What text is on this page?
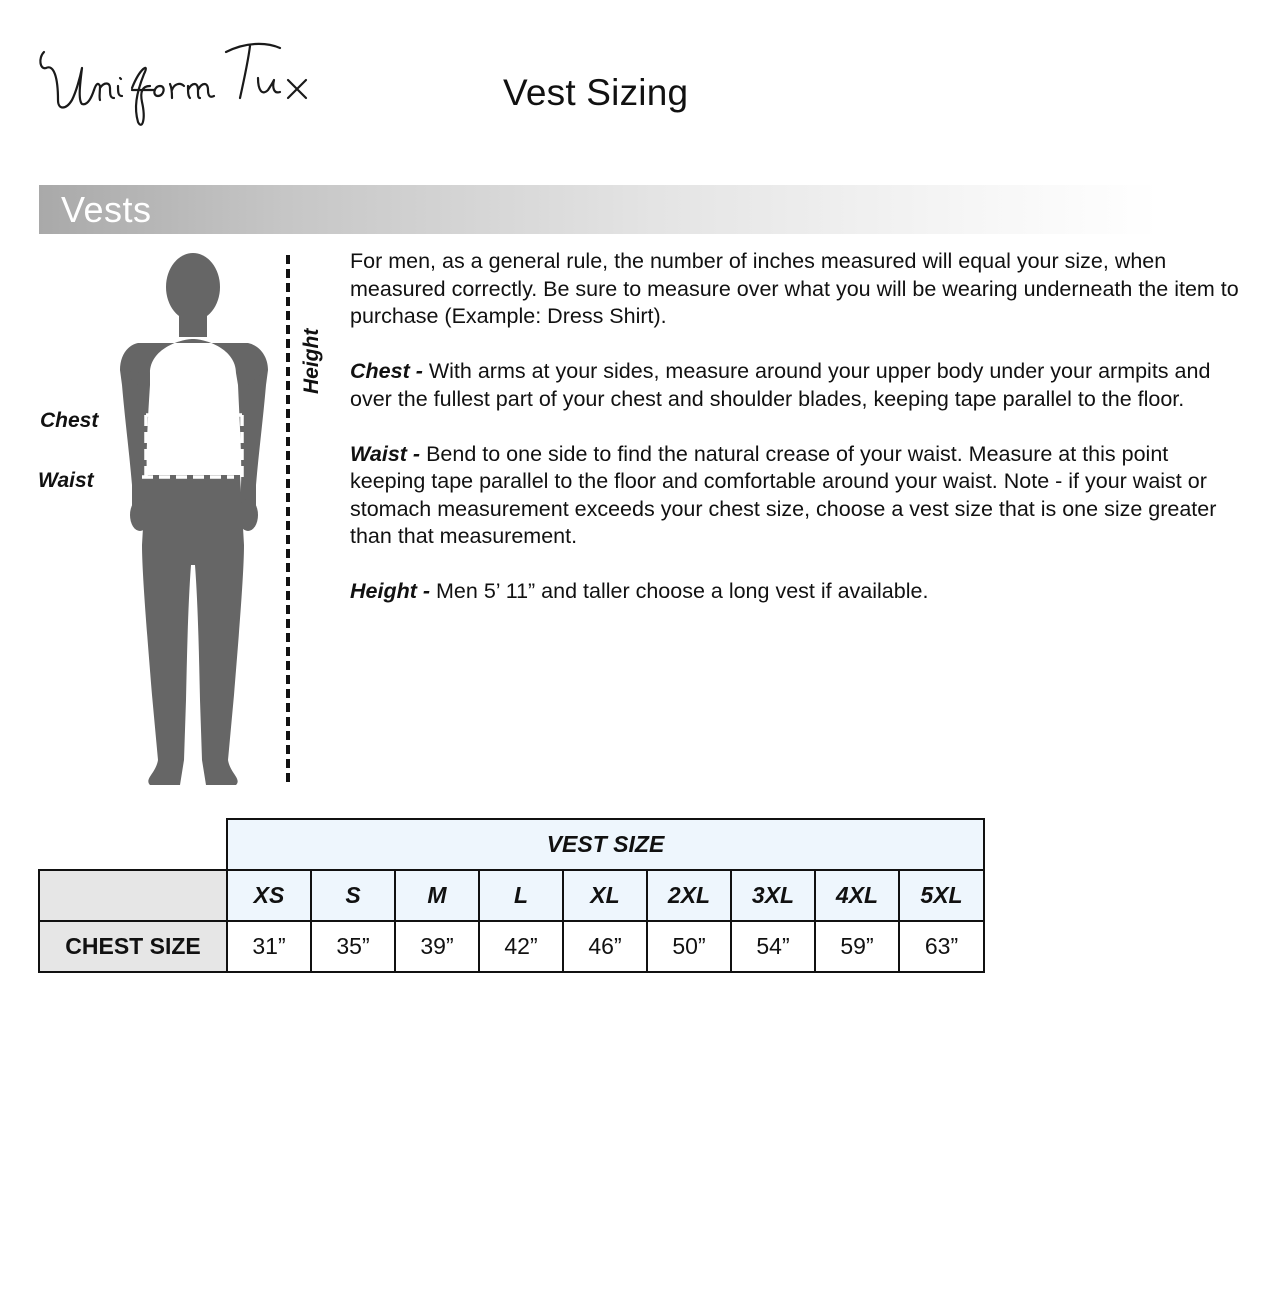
Vest Sizing
Vests
Chest
Waist
Height

For men, as a general rule, the number of inches measured will equal your size, when measured correctly. Be sure to measure over what you will be wearing underneath the item to purchase (Example: Dress Shirt).

Chest - With arms at your sides, measure around your upper body under your armpits and over the fullest part of your chest and shoulder blades, keeping tape parallel to the floor.

Waist - Bend to one side to find the natural crease of your waist. Measure at this point keeping tape parallel to the floor and comfortable around your waist. Note - if your waist or stomach measurement exceeds your chest size, choose a vest size that is one size greater than that measurement.

Height - Men 5’ 11” and taller choose a long vest if available.

	VEST SIZE								
	XS	S	M	L	XL	2XL	3XL	4XL	5XL
CHEST SIZE	31”	35”	39”	42”	46”	50”	54”	59”	63”
